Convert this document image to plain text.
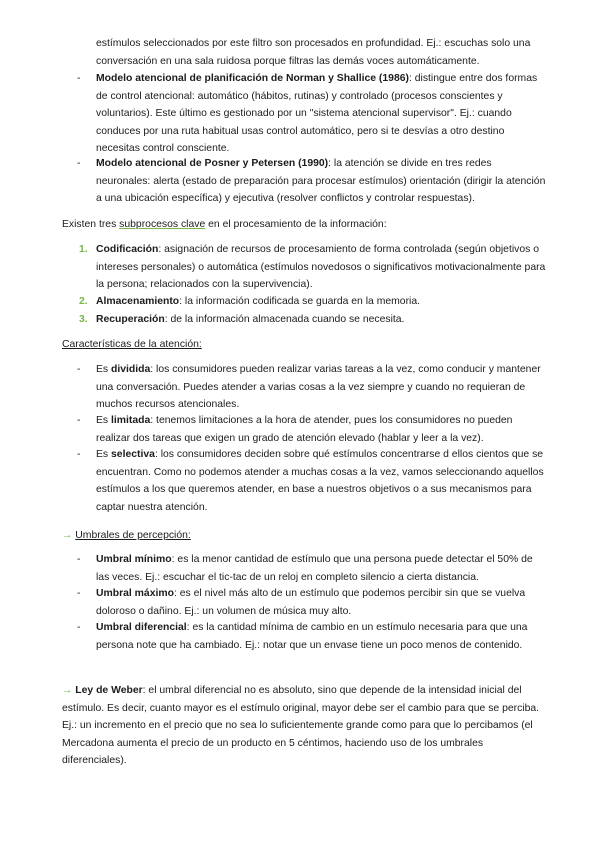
estímulos seleccionados por este filtro son procesados en profundidad. Ej.: escuchas solo una conversación en una sala ruidosa porque filtras las demás voces automáticamente.

-	Modelo atencional de planificación de Norman y Shallice (1986): distingue entre dos formas de control atencional: automático (hábitos, rutinas) y controlado (procesos conscientes y voluntarios). Este último es gestionado por un "sistema atencional supervisor". Ej.: cuando conduces por una ruta habitual usas control automático, pero si te desvías a otro destino necesitas control consciente.

-	Modelo atencional de Posner y Petersen (1990): la atención se divide en tres redes neuronales: alerta (estado de preparación para procesar estímulos) orientación (dirigir la atención a una ubicación específica) y ejecutiva (resolver conflictos y controlar respuestas).

Existen tres subprocesos clave en el procesamiento de la información:

1. Codificación: asignación de recursos de procesamiento de forma controlada (según objetivos o intereses personales) o automática (estímulos novedosos o significativos motivacionalmente para la persona; relacionados con la supervivencia).

2. Almacenamiento: la información codificada se guarda en la memoria.

3. Recuperación: de la información almacenada cuando se necesita.

Características de la atención:

-	Es dividida: los consumidores pueden realizar varias tareas a la vez, como conducir y mantener una conversación. Puedes atender a varias cosas a la vez siempre y cuando no requieran de muchos recursos atencionales.

-	Es limitada: tenemos limitaciones a la hora de atender, pues los consumidores no pueden realizar dos tareas que exigen un grado de atención elevado (hablar y leer a la vez).

-	Es selectiva: los consumidores deciden sobre qué estímulos concentrarse d ellos cientos que se encuentran. Como no podemos atender a muchas cosas a la vez, vamos seleccionando aquellos estímulos a los que queremos atender, en base a nuestros objetivos o a sus mecanismos para captar nuestra atención.

→ Umbrales de percepción:

-	Umbral mínimo: es la menor cantidad de estímulo que una persona puede detectar el 50% de las veces. Ej.: escuchar el tic-tac de un reloj en completo silencio a cierta distancia.

-	Umbral máximo: es el nivel más alto de un estímulo que podemos percibir sin que se vuelva doloroso o dañino. Ej.: un volumen de música muy alto.

-	Umbral diferencial: es la cantidad mínima de cambio en un estímulo necesaria para que una persona note que ha cambiado. Ej.: notar que un envase tiene un poco menos de contenido.

→ Ley de Weber: el umbral diferencial no es absoluto, sino que depende de la intensidad inicial del estímulo. Es decir, cuanto mayor es el estímulo original, mayor debe ser el cambio para que se perciba. Ej.: un incremento en el precio que no sea lo suficientemente grande como para que lo percibamos (el Mercadona aumenta el precio de un producto en 5 céntimos, haciendo uso de los umbrales diferenciales).
